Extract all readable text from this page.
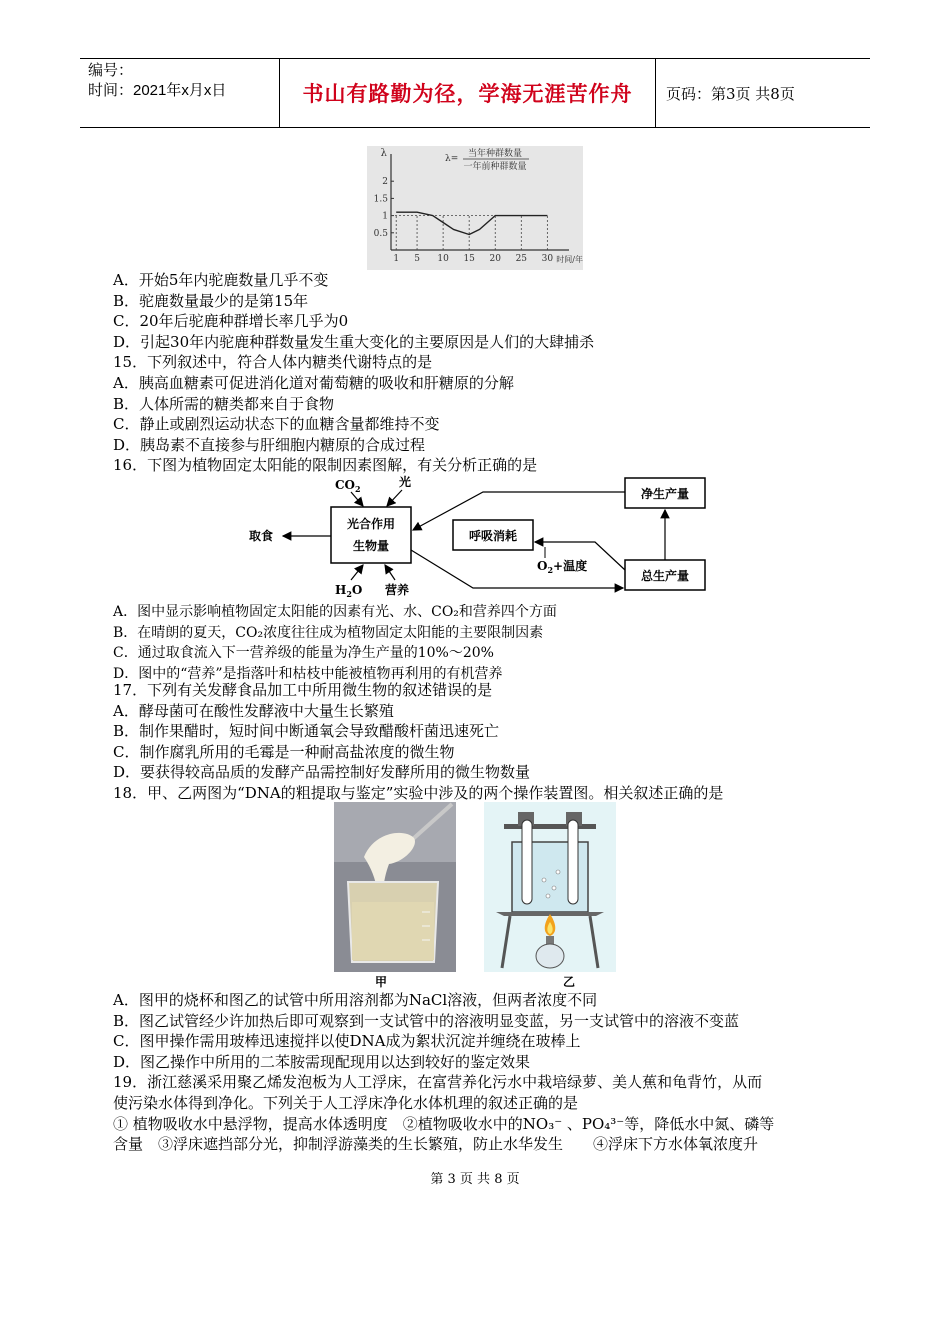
编号：
时间：2021年x月x日	书山有路勤为径，学海无涯苦作舟	页码：第3页 共8页
λ	λ= 当年种群数量
一年前种群数量
0.5
1
1.5
2
1 5 10 15 20 25 30 时间/年
A．开始5年内驼鹿数量几乎不变
B．驼鹿数量最少的是第15年
C．20年后驼鹿种群增长率几乎为0
D．引起30年内驼鹿种群数量发生重大变化的主要原因是人们的大肆捕杀
15．下列叙述中，符合人体内糖类代谢特点的是
A．胰高血糖素可促进消化道对葡萄糖的吸收和肝糖原的分解
B．人体所需的糖类都来自于食物
C．静止或剧烈运动状态下的血糖含量都维持不变
D．胰岛素不直接参与肝细胞内糖原的合成过程
16．下图为植物固定太阳能的限制因素图解，有关分析正确的是
光合作用
生物量
$CO_2$	光
$H_2O$ 营养
取食	呼吸消耗
净生产量
总生产量
$O_2+$温度
A．图中显示影响植物固定太阳能的因素有光、水、CO₂和营养四个方面
B．在晴朗的夏天，CO₂浓度往往成为植物固定太阳能的主要限制因素
C．通过取食流入下一营养级的能量为净生产量的10%～20%
D．图中的“营养”是指落叶和枯枝中能被植物再利用的有机营养
17．下列有关发酵食品加工中所用微生物的叙述错误的是
A．酵母菌可在酸性发酵液中大量生长繁殖
B．制作果醋时，短时间中断通氧会导致醋酸杆菌迅速死亡
C．制作腐乳所用的毛霉是一种耐高盐浓度的微生物
D．要获得较高品质的发酵产品需控制好发酵所用的微生物数量
18．甲、乙两图为“DNA的粗提取与鉴定”实验中涉及的两个操作装置图。相关叙述正确的是
甲	乙
A．图甲的烧杯和图乙的试管中所用溶剂都为NaCl溶液，但两者浓度不同
B．图乙试管经少许加热后即可观察到一支试管中的溶液明显变蓝，另一支试管中的溶液不变蓝
C．图甲操作需用玻棒迅速搅拌以使DNA成为絮状沉淀并缠绕在玻棒上
D．图乙操作中所用的二苯胺需现配现用以达到较好的鉴定效果
19．浙江慈溪采用聚乙烯发泡板为人工浮床，在富营养化污水中栽培绿萝、美人蕉和龟背竹，从而
使污染水体得到净化。下列关于人工浮床净化水体机理的叙述正确的是
① 植物吸收水中悬浮物，提高水体透明度　②植物吸收水中的NO₃⁻ 、PO₄³⁻等，降低水中氮、磷等
含量　③浮床遮挡部分光，抑制浮游藻类的生长繁殖，防止水华发生　　④浮床下方水体氧浓度升
第 3 页 共 8 页
